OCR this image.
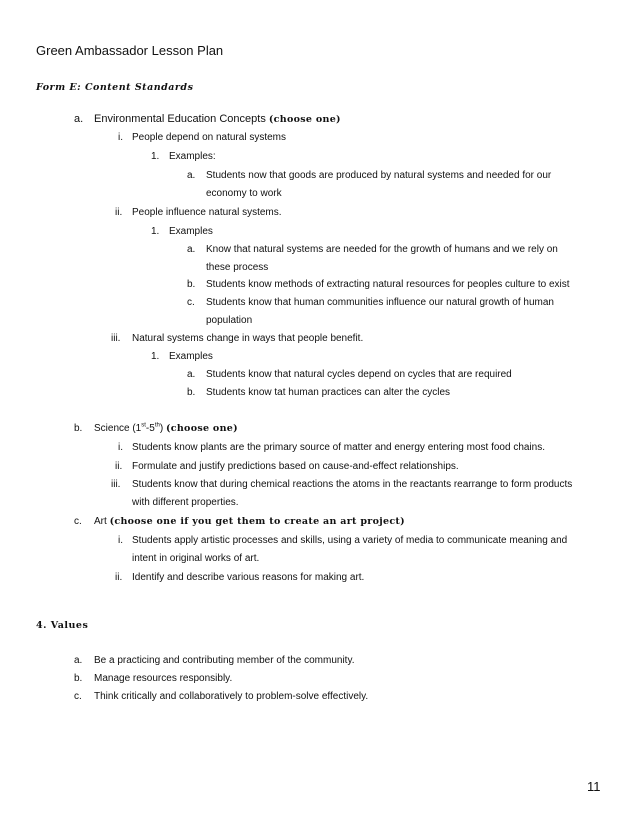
Green Ambassador Lesson Plan
Form E: Content Standards
a. Environmental Education Concepts (choose one)
i. People depend on natural systems
1. Examples:
a. Students now that goods are produced by natural systems and needed for our
economy to work
ii. People influence natural systems.
1. Examples
a. Know that natural systems are needed for the growth of humans and we rely on
these process
b. Students know methods of extracting natural resources for peoples culture to exist
c. Students know that human communities influence our natural growth of human
population
iii. Natural systems change in ways that people benefit.
1. Examples
a. Students know that natural cycles depend on cycles that are required
b. Students know tat human practices can alter the cycles
b. Science (1st-5th) (choose one)
i. Students know plants are the primary source of matter and energy entering most food chains.
ii. Formulate and justify predictions based on cause-and-effect relationships.
iii. Students know that during chemical reactions the atoms in the reactants rearrange to form products
with different properties.
c. Art (choose one if you get them to create an art project)
i. Students apply artistic processes and skills, using a variety of media to communicate meaning and
intent in original works of art.
ii. Identify and describe various reasons for making art.
4. Values
a. Be a practicing and contributing member of the community.
b. Manage resources responsibly.
c. Think critically and collaboratively to problem-solve effectively.
11
